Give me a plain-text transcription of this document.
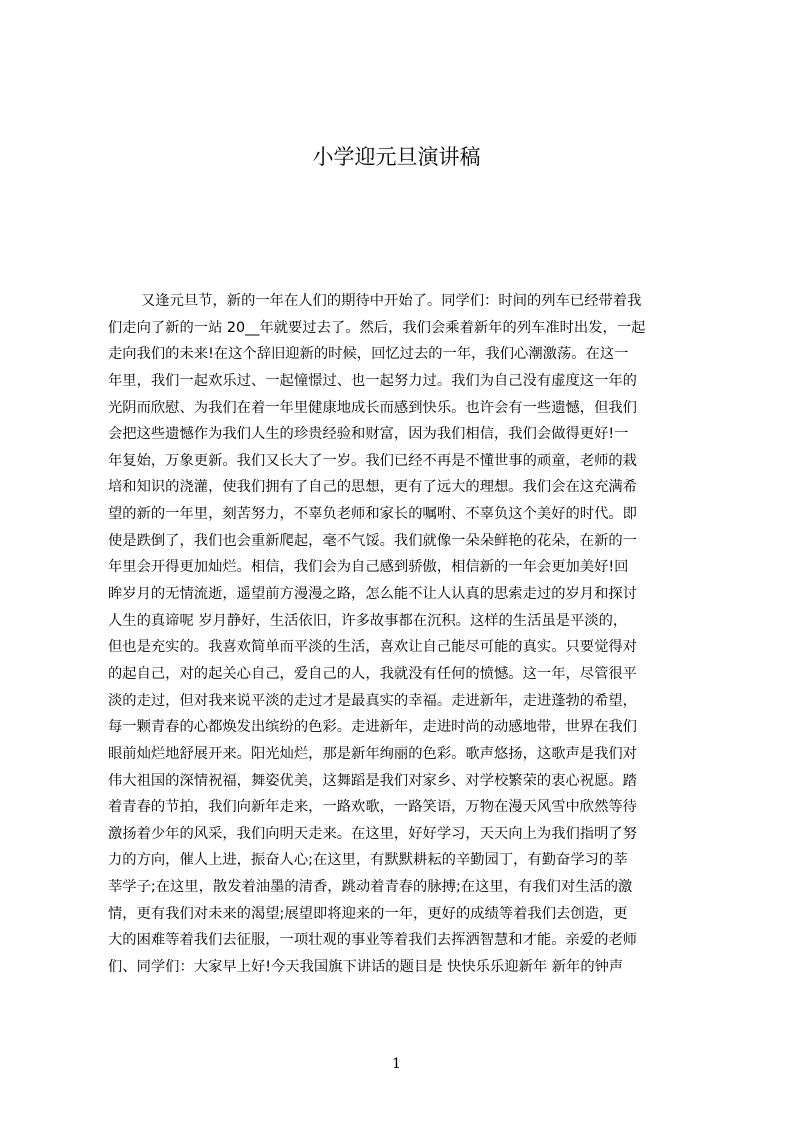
小学迎元旦演讲稿
又逢元旦节，新的一年在人们的期待中开始了。同学们：时间的列车已经带着我
们走向了新的一站 20__年就要过去了。然后，我们会乘着新年的列车准时出发，一起
走向我们的未来!在这个辞旧迎新的时候，回忆过去的一年，我们心潮激荡。在这一
年里，我们一起欢乐过、一起憧憬过、也一起努力过。我们为自己没有虚度这一年的
光阴而欣慰、为我们在着一年里健康地成长而感到快乐。也许会有一些遗憾，但我们
会把这些遗憾作为我们人生的珍贵经验和财富，因为我们相信，我们会做得更好!一
年复始，万象更新。我们又长大了一岁。我们已经不再是不懂世事的顽童，老师的栽
培和知识的浇灌，使我们拥有了自己的思想，更有了远大的理想。我们会在这充满希
望的新的一年里，刻苦努力，不辜负老师和家长的嘱咐、不辜负这个美好的时代。即
使是跌倒了，我们也会重新爬起，毫不气馁。我们就像一朵朵鲜艳的花朵，在新的一
年里会开得更加灿烂。相信，我们会为自己感到骄傲，相信新的一年会更加美好!回
眸岁月的无情流逝，遥望前方漫漫之路，怎么能不让人认真的思索走过的岁月和探讨
人生的真谛呢 岁月静好，生活依旧，许多故事都在沉积。这样的生活虽是平淡的，
但也是充实的。我喜欢简单而平淡的生活，喜欢让自己能尽可能的真实。只要觉得对
的起自己，对的起关心自己，爱自己的人，我就没有任何的愤憾。这一年，尽管很平
淡的走过，但对我来说平淡的走过才是最真实的幸福。走进新年，走进蓬勃的希望，
每一颗青春的心都焕发出缤纷的色彩。走进新年，走进时尚的动感地带，世界在我们
眼前灿烂地舒展开来。阳光灿烂，那是新年绚丽的色彩。歌声悠扬，这歌声是我们对
伟大祖国的深情祝福，舞姿优美，这舞蹈是我们对家乡、对学校繁荣的衷心祝愿。踏
着青春的节拍，我们向新年走来，一路欢歌，一路笑语，万物在漫天风雪中欣然等待
激扬着少年的风采，我们向明天走来。在这里，好好学习，天天向上为我们指明了努
力的方向，催人上进，振奋人心;在这里，有默默耕耘的辛勤园丁，有勤奋学习的莘
莘学子;在这里，散发着油墨的清香，跳动着青春的脉搏;在这里，有我们对生活的激
情，更有我们对未来的渴望;展望即将迎来的一年，更好的成绩等着我们去创造，更
大的困难等着我们去征服，一项壮观的事业等着我们去挥洒智慧和才能。亲爱的老师
们、同学们：大家早上好!今天我国旗下讲话的题目是 快快乐乐迎新年 新年的钟声
1
